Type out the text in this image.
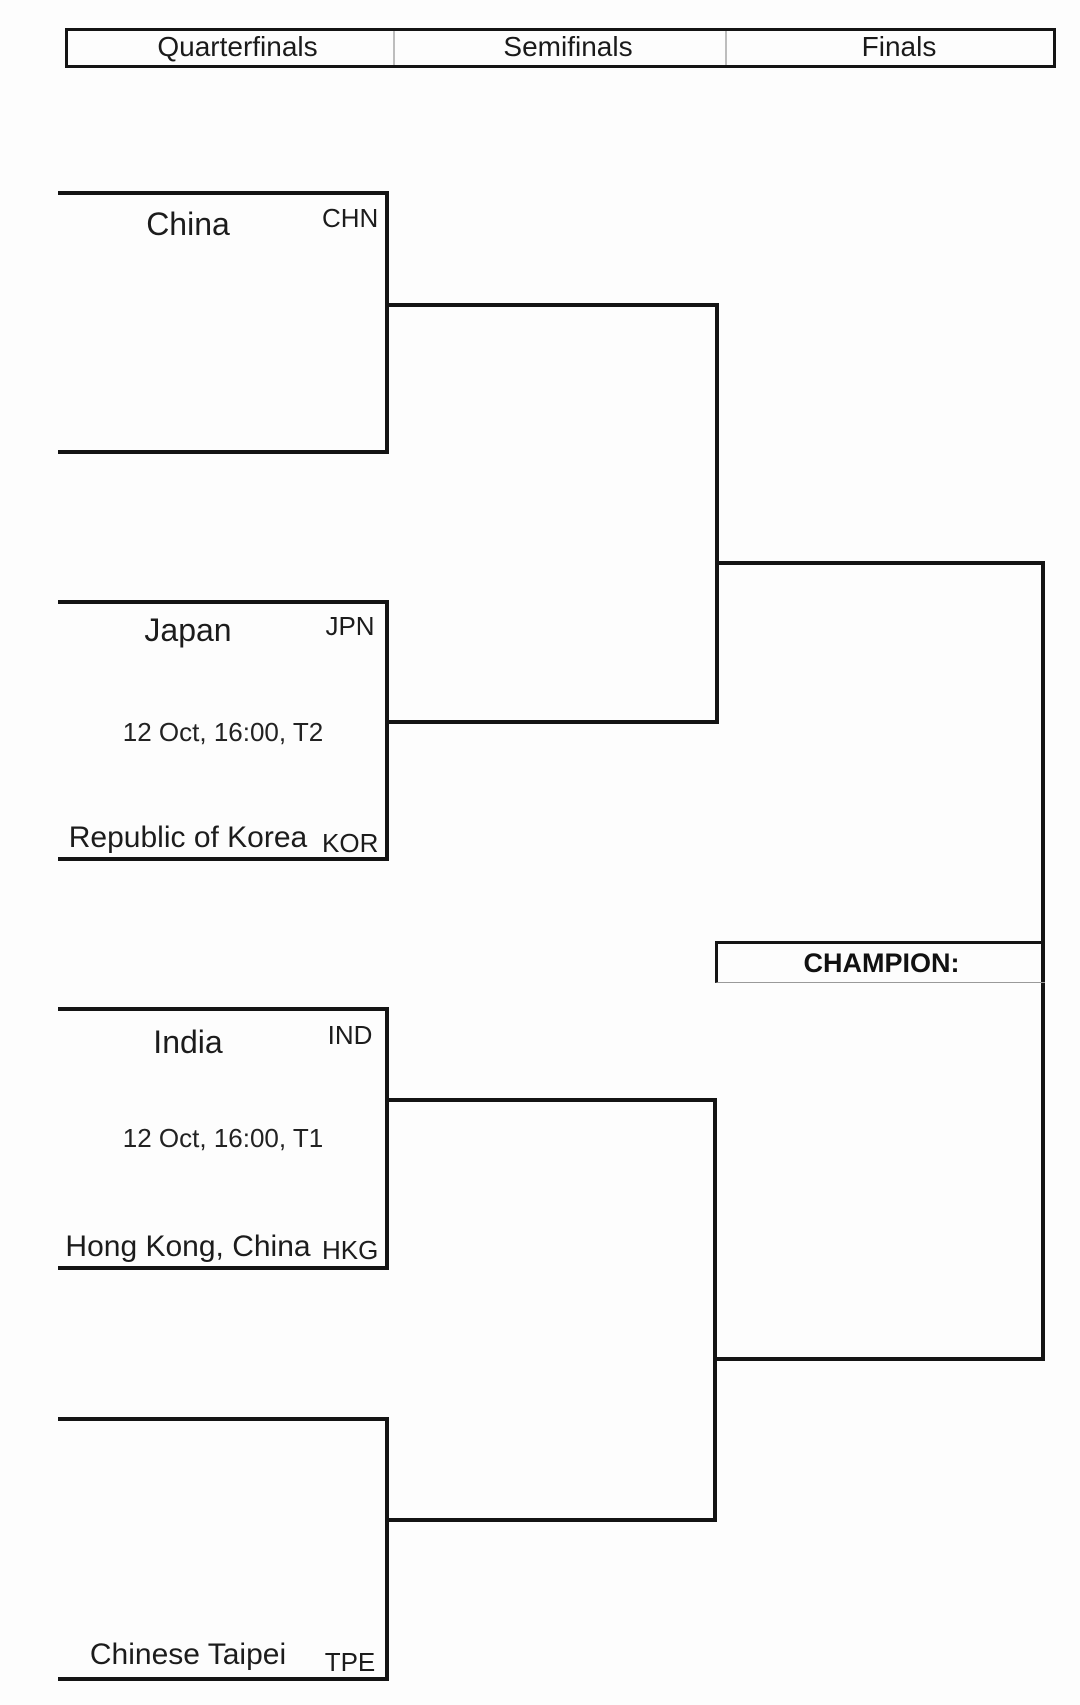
Quarterfinals	Semifinals	Finals
China	CHN
Japan	JPN
12 Oct, 16:00, T2
Republic of Korea KOR
CHAMPION:
India	IND
12 Oct, 16:00, T1
Hong Kong, China HKG
Chinese Taipei	TPE
